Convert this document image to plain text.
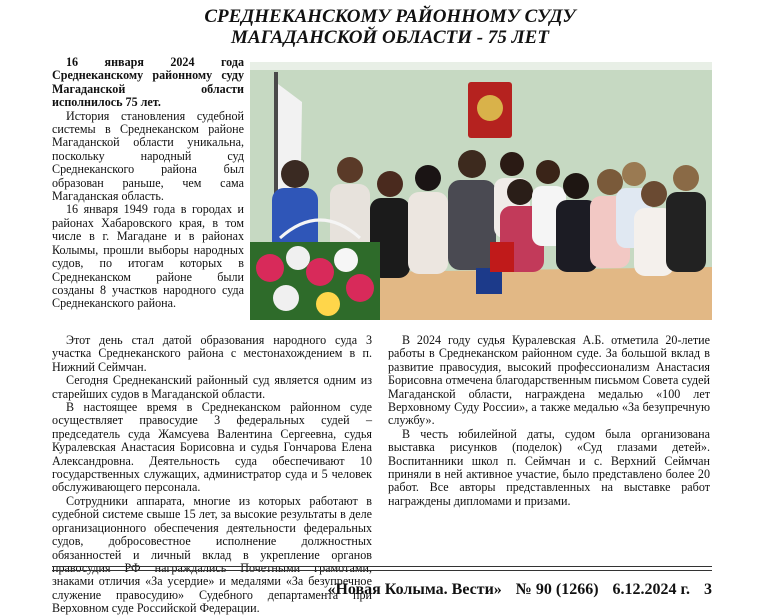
СРЕДНЕКАНСКОМУ РАЙОННОМУ СУДУ
МАГАДАНСКОЙ ОБЛАСТИ - 75 ЛЕТ

16 января 2024 года Среднеканскому районному суду Магаданской области исполнилось 75 лет.

История становления судебной системы в Среднеканском районе Магаданской области уникальна, поскольку народный суд Среднеканского района был образован раньше, чем сама Магаданская область.

16 января 1949 года в городах и районах Хабаровского края, в том числе в г. Магадане и в районах Колымы, прошли выборы народных судов, по итогам которых в Среднеканском районе были созданы 8 участков народного суда Среднеканского района.

Этот день стал датой образования народного суда 3 участка Среднеканского района с местонахождением в п. Нижний Сеймчан.

Сегодня Среднеканский районный суд является одним из старейших судов в Магаданской области.

В настоящее время в Среднеканском районном суде осуществляет правосудие 3 федеральных судей – председатель суда Жамсуева Валентина Сергеевна, судья Куралевская Анастасия Борисовна и судья Гончарова Елена Александровна. Деятельность суда обеспечивают 10 государственных служащих, администратор суда и 5 человек обслуживающего персонала.

Сотрудники аппарата, многие из которых работают в судебной системе свыше 15 лет, за высокие результаты в деле организационного обеспечения деятельности федеральных судов, добросовестное исполнение должностных обязанностей и личный вклад в укрепление органов правосудия РФ награждались Почетными грамотами, знаками отличия «За усердие» и медалями «За безупречное служение правосудию» Судебного департамента при Верховном суде Российской Федерации.

В 2024 году судья Куралевская А.Б. отметила 20-летие работы в Среднеканском районном суде. За большой вклад в развитие правосудия, высокий профессионализм Анастасия Борисовна отмечена благодарственным письмом Совета судей Магаданской области, награждена медалью «100 лет Верховному Суду России», а также медалью «За безупречную службу».

В честь юбилейной даты, судом была организована выставка рисунков (поделок) «Суд глазами детей». Воспитанники школ п. Сеймчан и с. Верхний Сеймчан приняли в ней активное участие, было представлено более 20 работ. Все авторы представленных на выставке работ награждены дипломами и призами.

«Новая Колыма. Вести» № 90 (1266) 6.12.2024 г. 3
